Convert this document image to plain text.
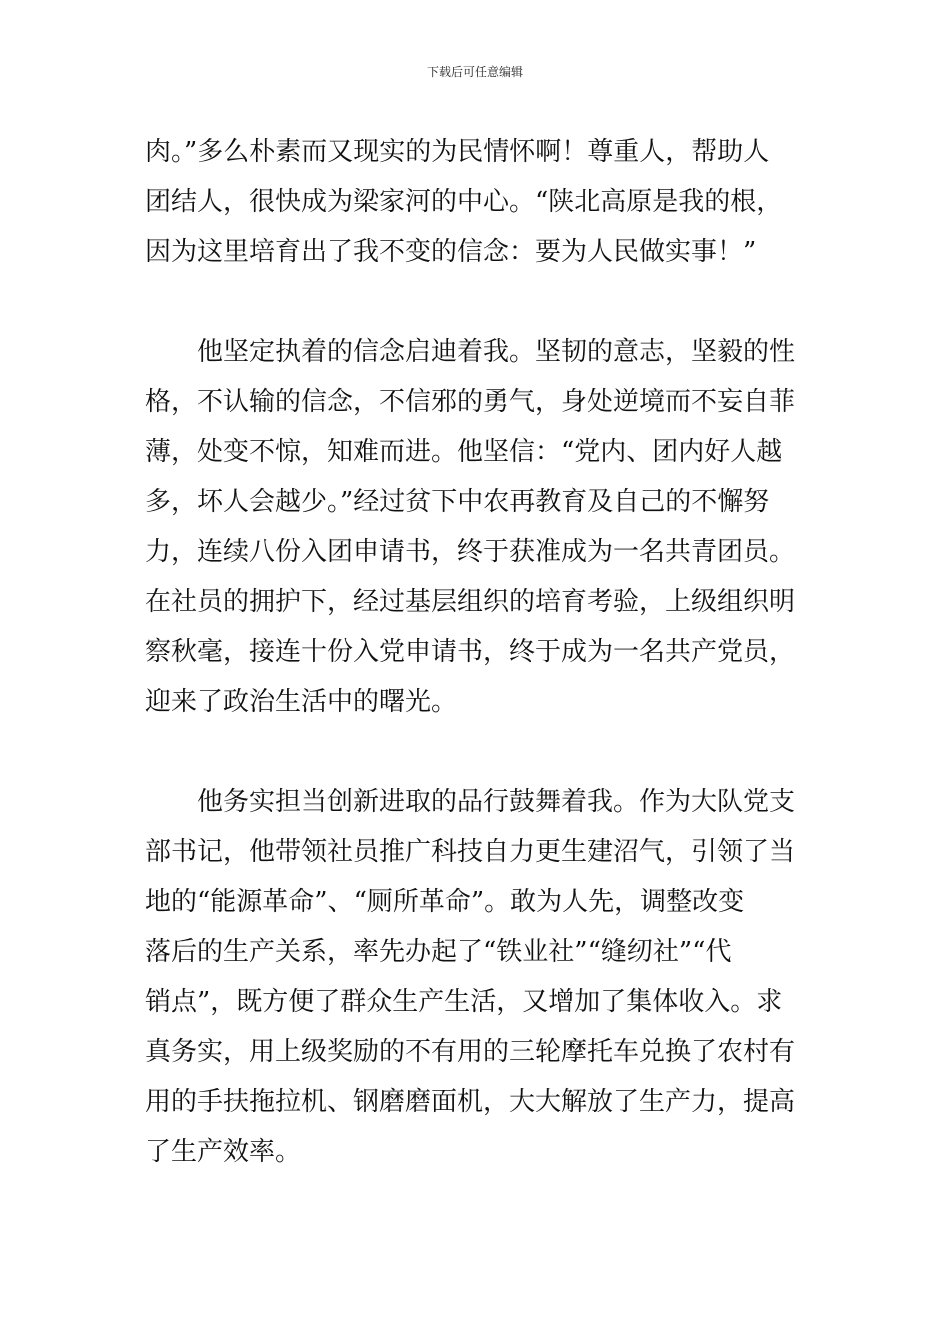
下载后可任意编辑

肉。”多么朴素而又现实的为民情怀啊！尊重人，帮助人
团结人，很快成为梁家河的中心。“陕北高原是我的根，
因为这里培育出了我不变的信念：要为人民做实事！”

他坚定执着的信念启迪着我。坚韧的意志，坚毅的性
格，不认输的信念，不信邪的勇气，身处逆境而不妄自菲
薄，处变不惊，知难而进。他坚信：“党内、团内好人越
多，坏人会越少。”经过贫下中农再教育及自己的不懈努
力，连续八份入团申请书，终于获准成为一名共青团员。
在社员的拥护下，经过基层组织的培育考验，上级组织明
察秋毫，接连十份入党申请书，终于成为一名共产党员，
迎来了政治生活中的曙光。

他务实担当创新进取的品行鼓舞着我。作为大队党支
部书记，他带领社员推广科技自力更生建沼气，引领了当
地的“能源革命”、“厕所革命”。敢为人先，调整改变
落后的生产关系，率先办起了“铁业社”“缝纫社”“代
销点”，既方便了群众生产生活，又增加了集体收入。求
真务实，用上级奖励的不有用的三轮摩托车兑换了农村有
用的手扶拖拉机、钢磨磨面机，大大解放了生产力，提高
了生产效率。
